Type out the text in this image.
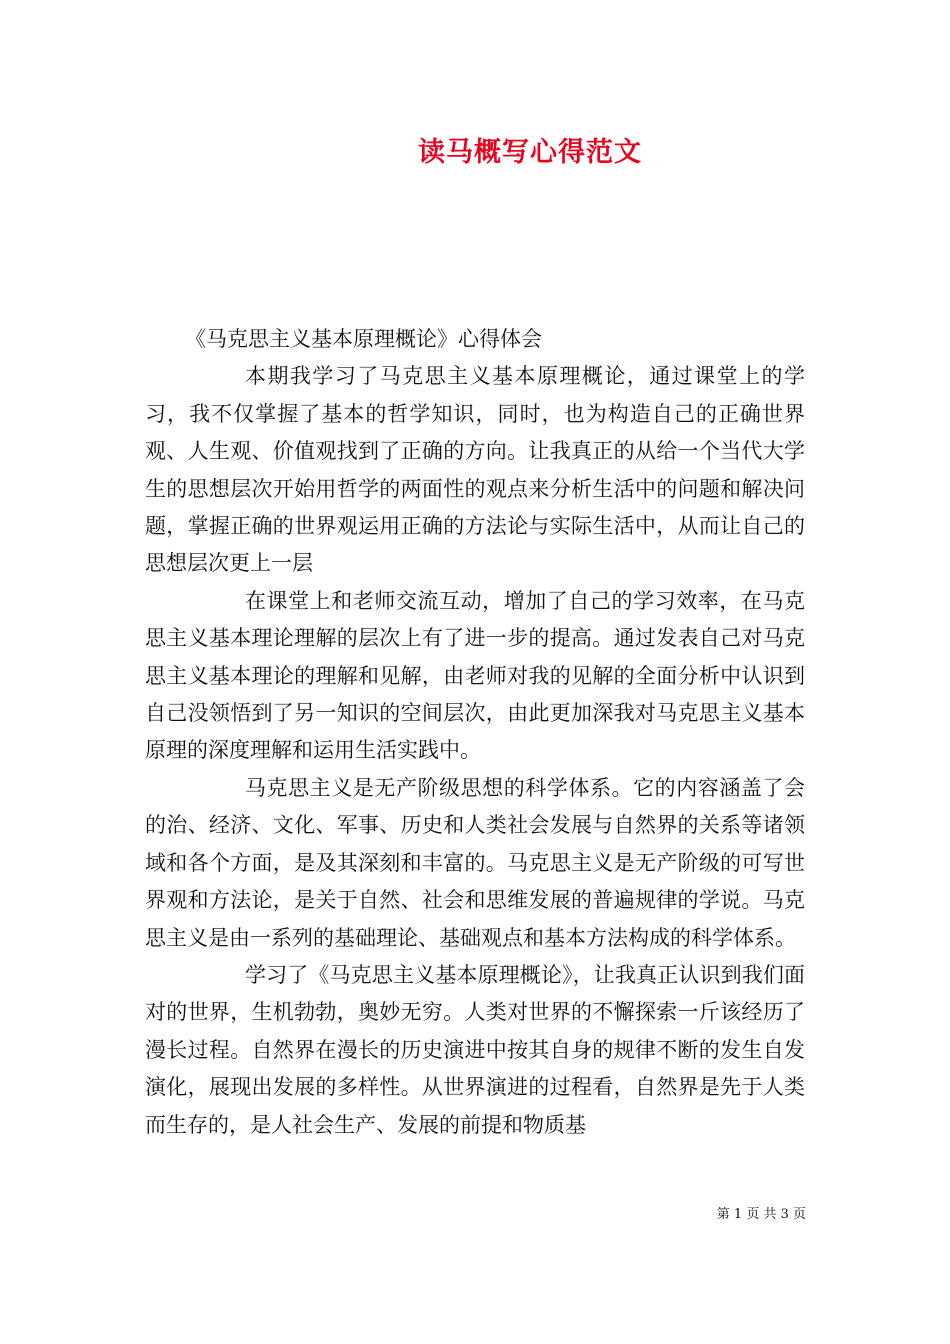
读马概写心得范文

《马克思主义基本原理概论》心得体会

本期我学习了马克思主义基本原理概论，通过课堂上的学习，我不仅掌握了基本的哲学知识，同时，也为构造自己的正确世界观、人生观、价值观找到了正确的方向。让我真正的从给一个当代大学生的思想层次开始用哲学的两面性的观点来分析生活中的问题和解决问题，掌握正确的世界观运用正确的方法论与实际生活中，从而让自己的思想层次更上一层

在课堂上和老师交流互动，增加了自己的学习效率，在马克思主义基本理论理解的层次上有了进一步的提高。通过发表自己对马克思主义基本理论的理解和见解，由老师对我的见解的全面分析中认识到自己没领悟到了另一知识的空间层次，由此更加深我对马克思主义基本原理的深度理解和运用生活实践中。

马克思主义是无产阶级思想的科学体系。它的内容涵盖了会的治、经济、文化、军事、历史和人类社会发展与自然界的关系等诸领域和各个方面，是及其深刻和丰富的。马克思主义是无产阶级的可写世界观和方法论，是关于自然、社会和思维发展的普遍规律的学说。马克思主义是由一系列的基础理论、基础观点和基本方法构成的科学体系。

学习了《马克思主义基本原理概论》，让我真正认识到我们面对的世界，生机勃勃，奥妙无穷。人类对世界的不懈探索一斤该经历了漫长过程。自然界在漫长的历史演进中按其自身的规律不断的发生自发演化，展现出发展的多样性。从世界演进的过程看，自然界是先于人类而生存的，是人社会生产、发展的前提和物质基

第 1 页 共 3 页
